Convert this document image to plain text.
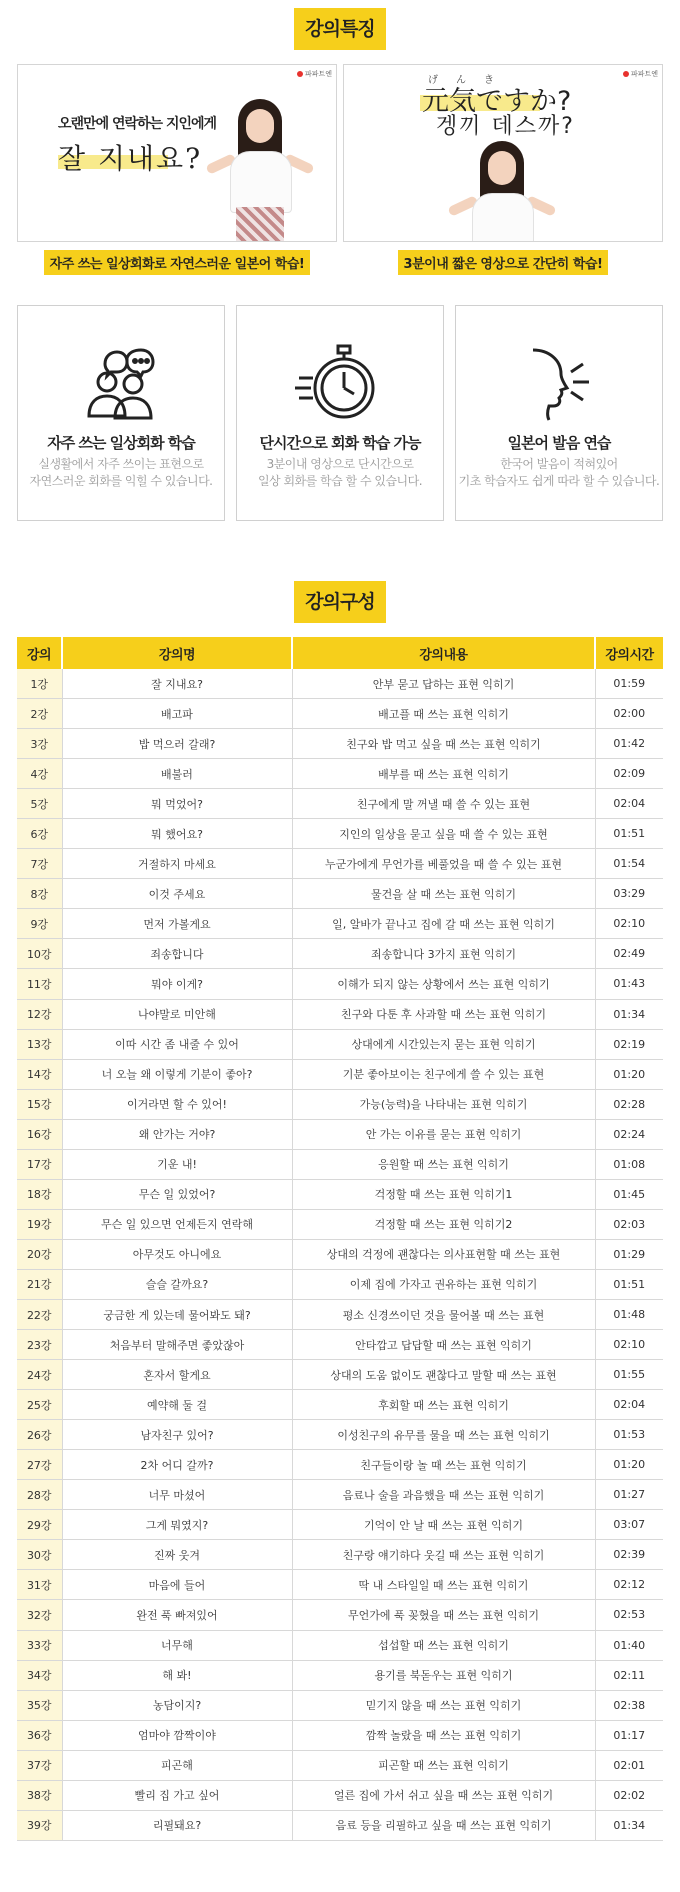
강의특징
파파트엔
오랜만에 연락하는 지인에게
잘 지내요?
자주 쓰는 일상회화로 자연스러운 일본어 학습!
파파트엔
げんき
元気ですか?
겡끼 데스까?
3분이내 짧은 영상으로 간단히 학습!
자주 쓰는 일상회화 학습
실생활에서 자주 쓰이는 표현으로
자연스러운 회화를 익힐 수 있습니다.
단시간으로 회화 학습 가능
3분이내 영상으로 단시간으로
일상 회화를 학습 할 수 있습니다.
일본어 발음 연습
한국어 발음이 적혀있어
기초 학습자도 쉽게 따라 할 수 있습니다.
강의구성
강의	강의명	강의내용	강의시간
1강	잘 지내요?	안부 묻고 답하는 표현 익히기	01:59
2강	배고파	배고플 때 쓰는 표현 익히기	02:00
3강	밥 먹으러 갈래?	친구와 밥 먹고 싶을 때 쓰는 표현 익히기	01:42
4강	배불러	배부를 때 쓰는 표현 익히기	02:09
5강	뭐 먹었어?	친구에게 말 꺼낼 때 쓸 수 있는 표현	02:04
6강	뭐 했어요?	지인의 일상을 묻고 싶을 때 쓸 수 있는 표현	01:51
7강	거절하지 마세요	누군가에게 무언가를 베풀었을 때 쓸 수 있는 표현	01:54
8강	이것 주세요	물건을 살 때 쓰는 표현 익히기	03:29
9강	먼저 가볼게요	일, 알바가 끝나고 집에 갈 때 쓰는 표현 익히기	02:10
10강	죄송합니다	죄송합니다 3가지 표현 익히기	02:49
11강	뭐야 이게?	이해가 되지 않는 상황에서 쓰는 표현 익히기	01:43
12강	나야말로 미안해	친구와 다툰 후 사과할 때 쓰는 표현 익히기	01:34
13강	이따 시간 좀 내줄 수 있어	상대에게 시간있는지 묻는 표현 익히기	02:19
14강	너 오늘 왜 이렇게 기분이 좋아?	기분 좋아보이는 친구에게 쓸 수 있는 표현	01:20
15강	이거라면 할 수 있어!	가능(능력)을 나타내는 표현 익히기	02:28
16강	왜 안가는 거야?	안 가는 이유를 묻는 표현 익히기	02:24
17강	기운 내!	응원할 때 쓰는 표현 익히기	01:08
18강	무슨 일 있었어?	걱정할 때 쓰는 표현 익히기1	01:45
19강	무슨 일 있으면 언제든지 연락해	걱정할 때 쓰는 표현 익히기2	02:03
20강	아무것도 아니에요	상대의 걱정에 괜찮다는 의사표현할 때 쓰는 표현	01:29
21강	슬슬 갈까요?	이제 집에 가자고 권유하는 표현 익히기	01:51
22강	궁금한 게 있는데 물어봐도 돼?	평소 신경쓰이던 것을 물어볼 때 쓰는 표현	01:48
23강	처음부터 말해주면 좋았잖아	안타깝고 답답할 때 쓰는 표현 익히기	02:10
24강	혼자서 할게요	상대의 도움 없이도 괜찮다고 말할 때 쓰는 표현	01:55
25강	예약해 둘 걸	후회할 때 쓰는 표현 익히기	02:04
26강	남자친구 있어?	이성친구의 유무를 물을 때 쓰는 표현 익히기	01:53
27강	2차 어디 갈까?	친구들이랑 놀 때 쓰는 표현 익히기	01:20
28강	너무 마셨어	음료나 술을 과음했을 때 쓰는 표현 익히기	01:27
29강	그게 뭐였지?	기억이 안 날 때 쓰는 표현 익히기	03:07
30강	진짜 웃겨	친구랑 얘기하다 웃길 때 쓰는 표현 익히기	02:39
31강	마음에 들어	딱 내 스타일일 때 쓰는 표현 익히기	02:12
32강	완전 푹 빠져있어	무언가에 푹 꽂혔을 때 쓰는 표현 익히기	02:53
33강	너무해	섭섭할 때 쓰는 표현 익히기	01:40
34강	해 봐!	용기를 북돋우는 표현 익히기	02:11
35강	농담이지?	믿기지 않을 때 쓰는 표현 익히기	02:38
36강	엄마야 깜짝이야	깜짝 놀랐을 때 쓰는 표현 익히기	01:17
37강	피곤해	피곤할 때 쓰는 표현 익히기	02:01
38강	빨리 집 가고 싶어	얼른 집에 가서 쉬고 싶을 때 쓰는 표현 익히기	02:02
39강	리필돼요?	음료 등을 리필하고 싶을 때 쓰는 표현 익히기	01:34
